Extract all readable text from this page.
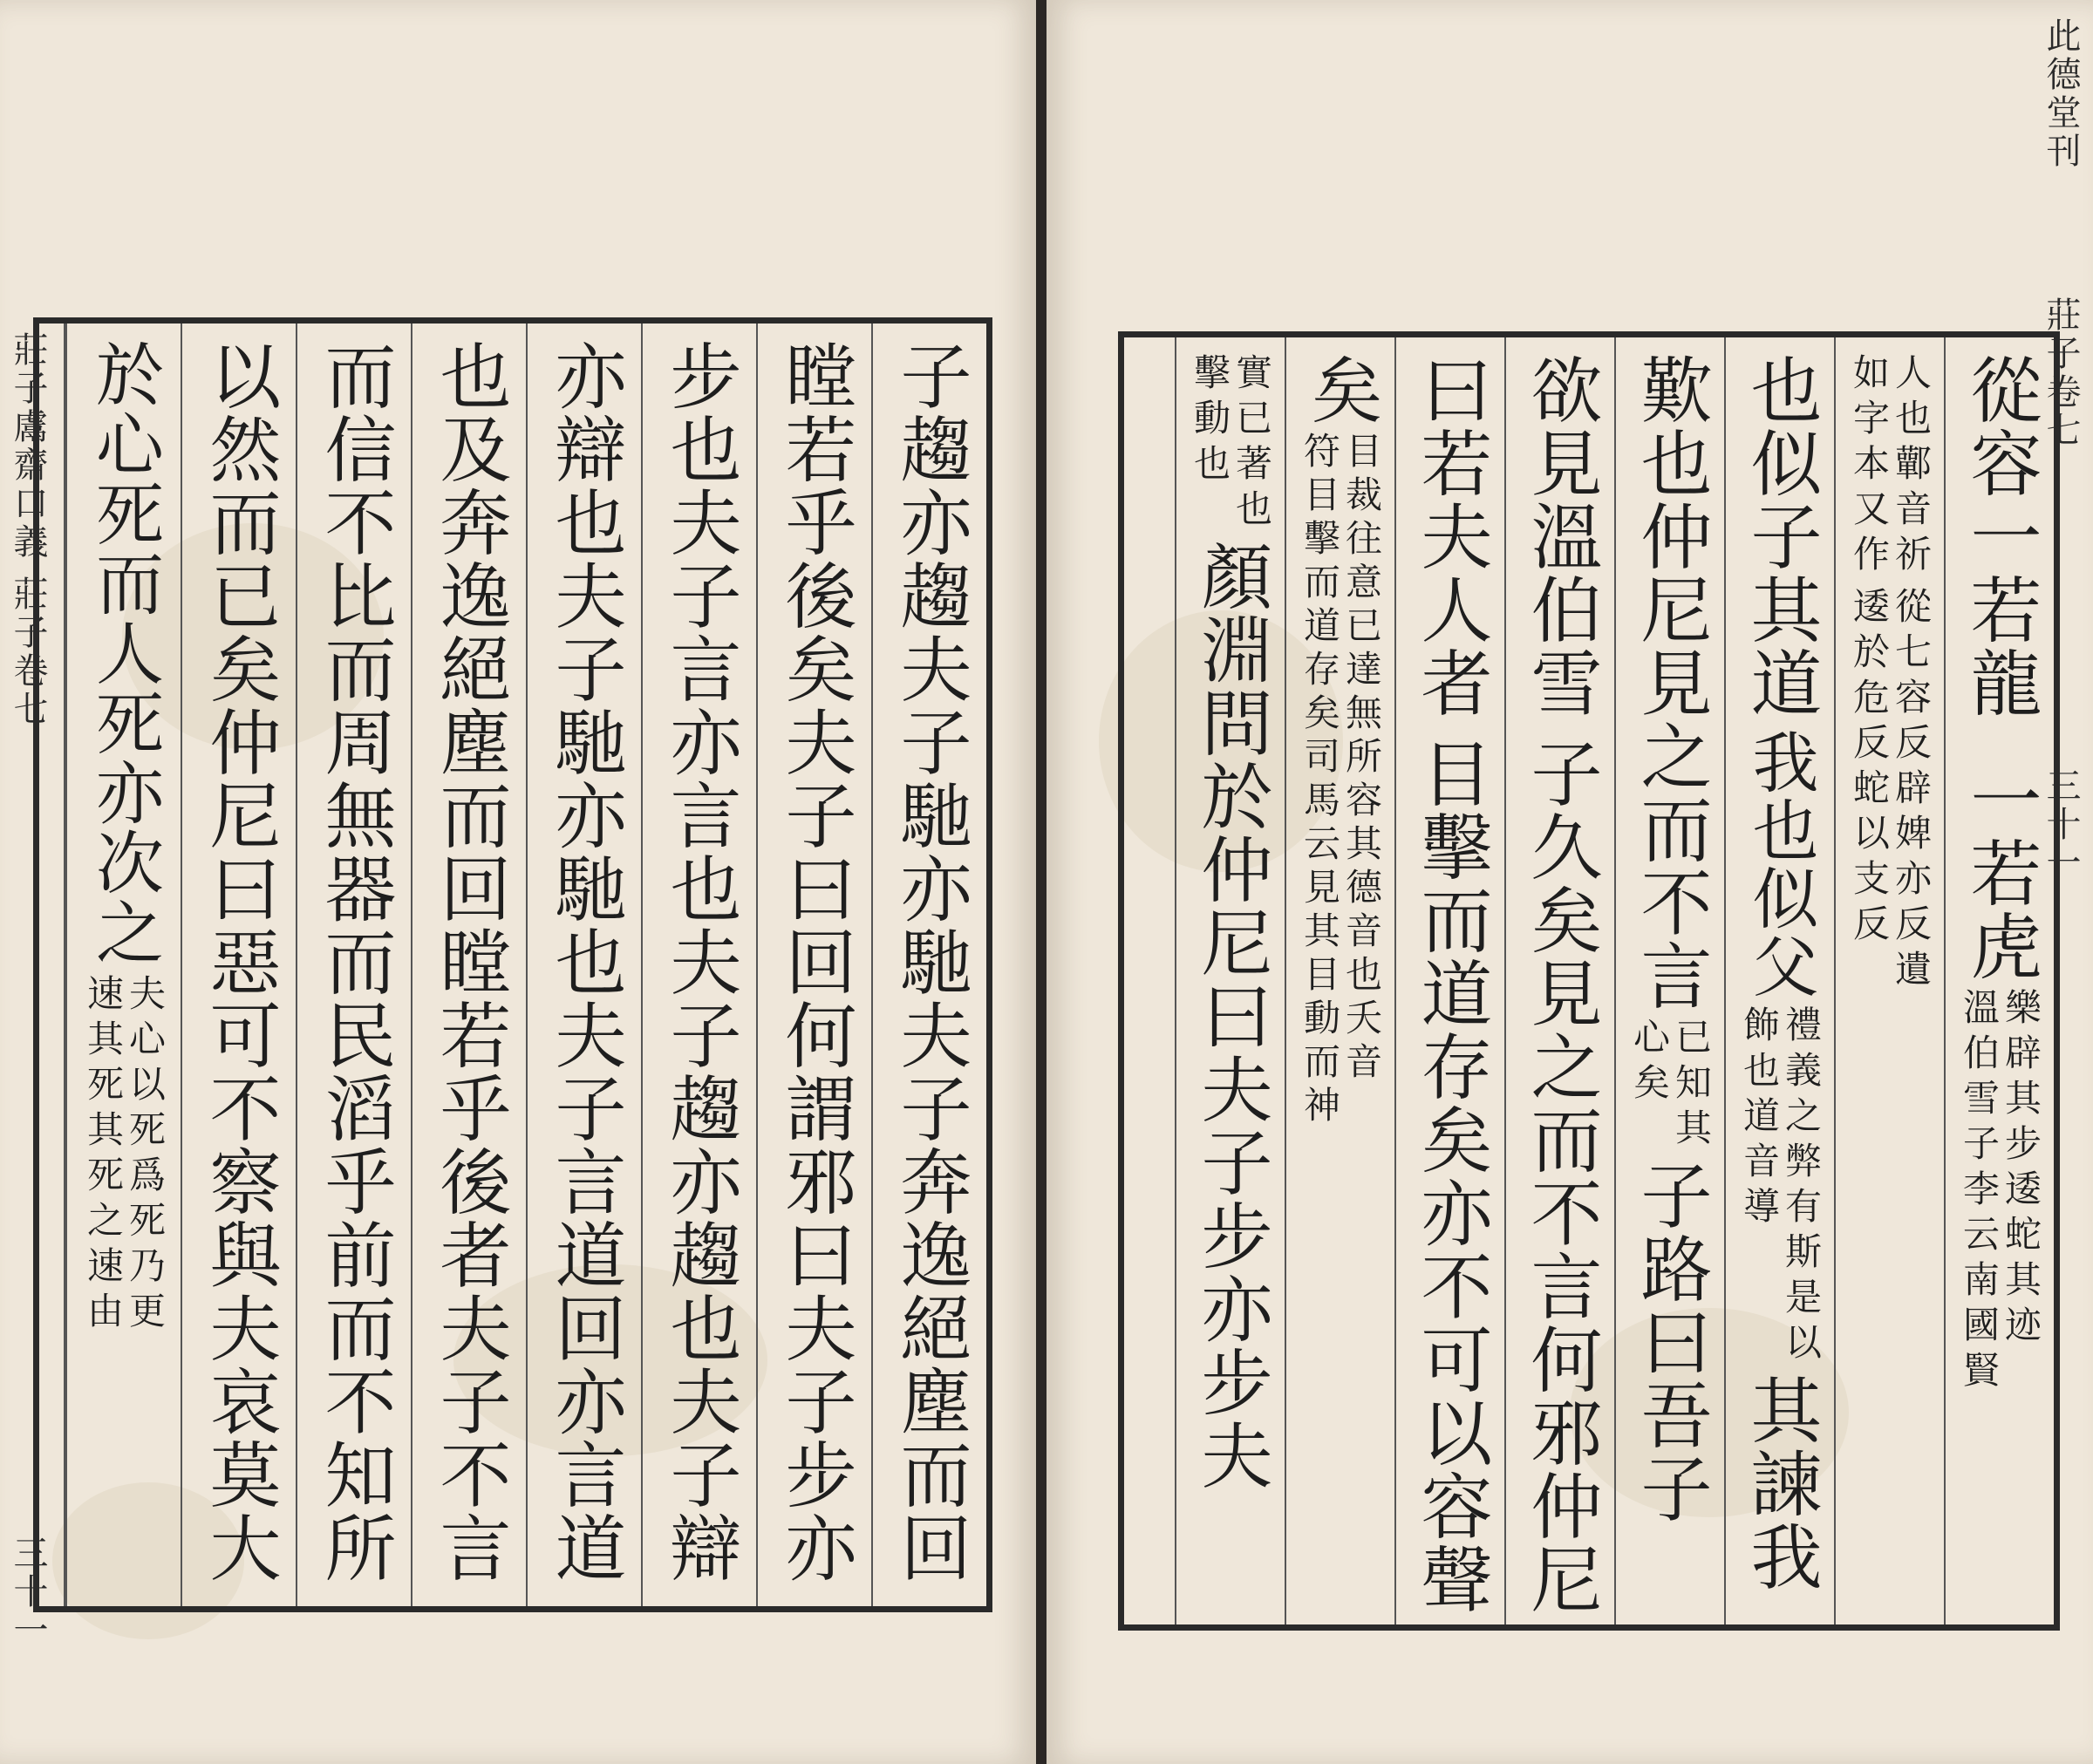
子趨亦趨夫子馳亦馳夫子奔逸絕塵而回
瞠若乎後矣夫子曰回何謂邪曰夫子步亦
步也夫子言亦言也夫子趨亦趨也夫子辯
亦辯也夫子馳亦馳也夫子言道回亦言道
也及奔逸絕塵而回瞠若乎後者夫子不言
而信不比而周無器而民滔乎前而不知所
以然而已矣仲尼曰惡可不察與夫哀莫大
於心死而人死亦次之
夫心以死爲死乃更
速其死其死之速由
莊子鬳齋口義
莊子卷七
三十一
從容一若龍
一若虎
樂辟其步逶蛇其迹
溫伯雪子李云南國賢
人也鄿音祈
如字本又作
從七容反辟婢亦反遺
逶於危反蛇以支反
也似子其道
我也似父
禮義之弊有斯是以
飾也道音導
其諫我
歎也仲尼見之而不言
已知其
心矣
子路曰吾子
欲見溫伯雪
子久矣見之而不言何邪仲尼
曰若夫人者
目擊而道存矣亦不可以容聲
矣
目裁往意已達無所容其德音也夭音
符目擊而道存矣司馬云見其目動而神
實已著也
擊動也
顏淵問於仲尼曰夫子步亦步夫
此德堂刊
莊子卷七
三十一
